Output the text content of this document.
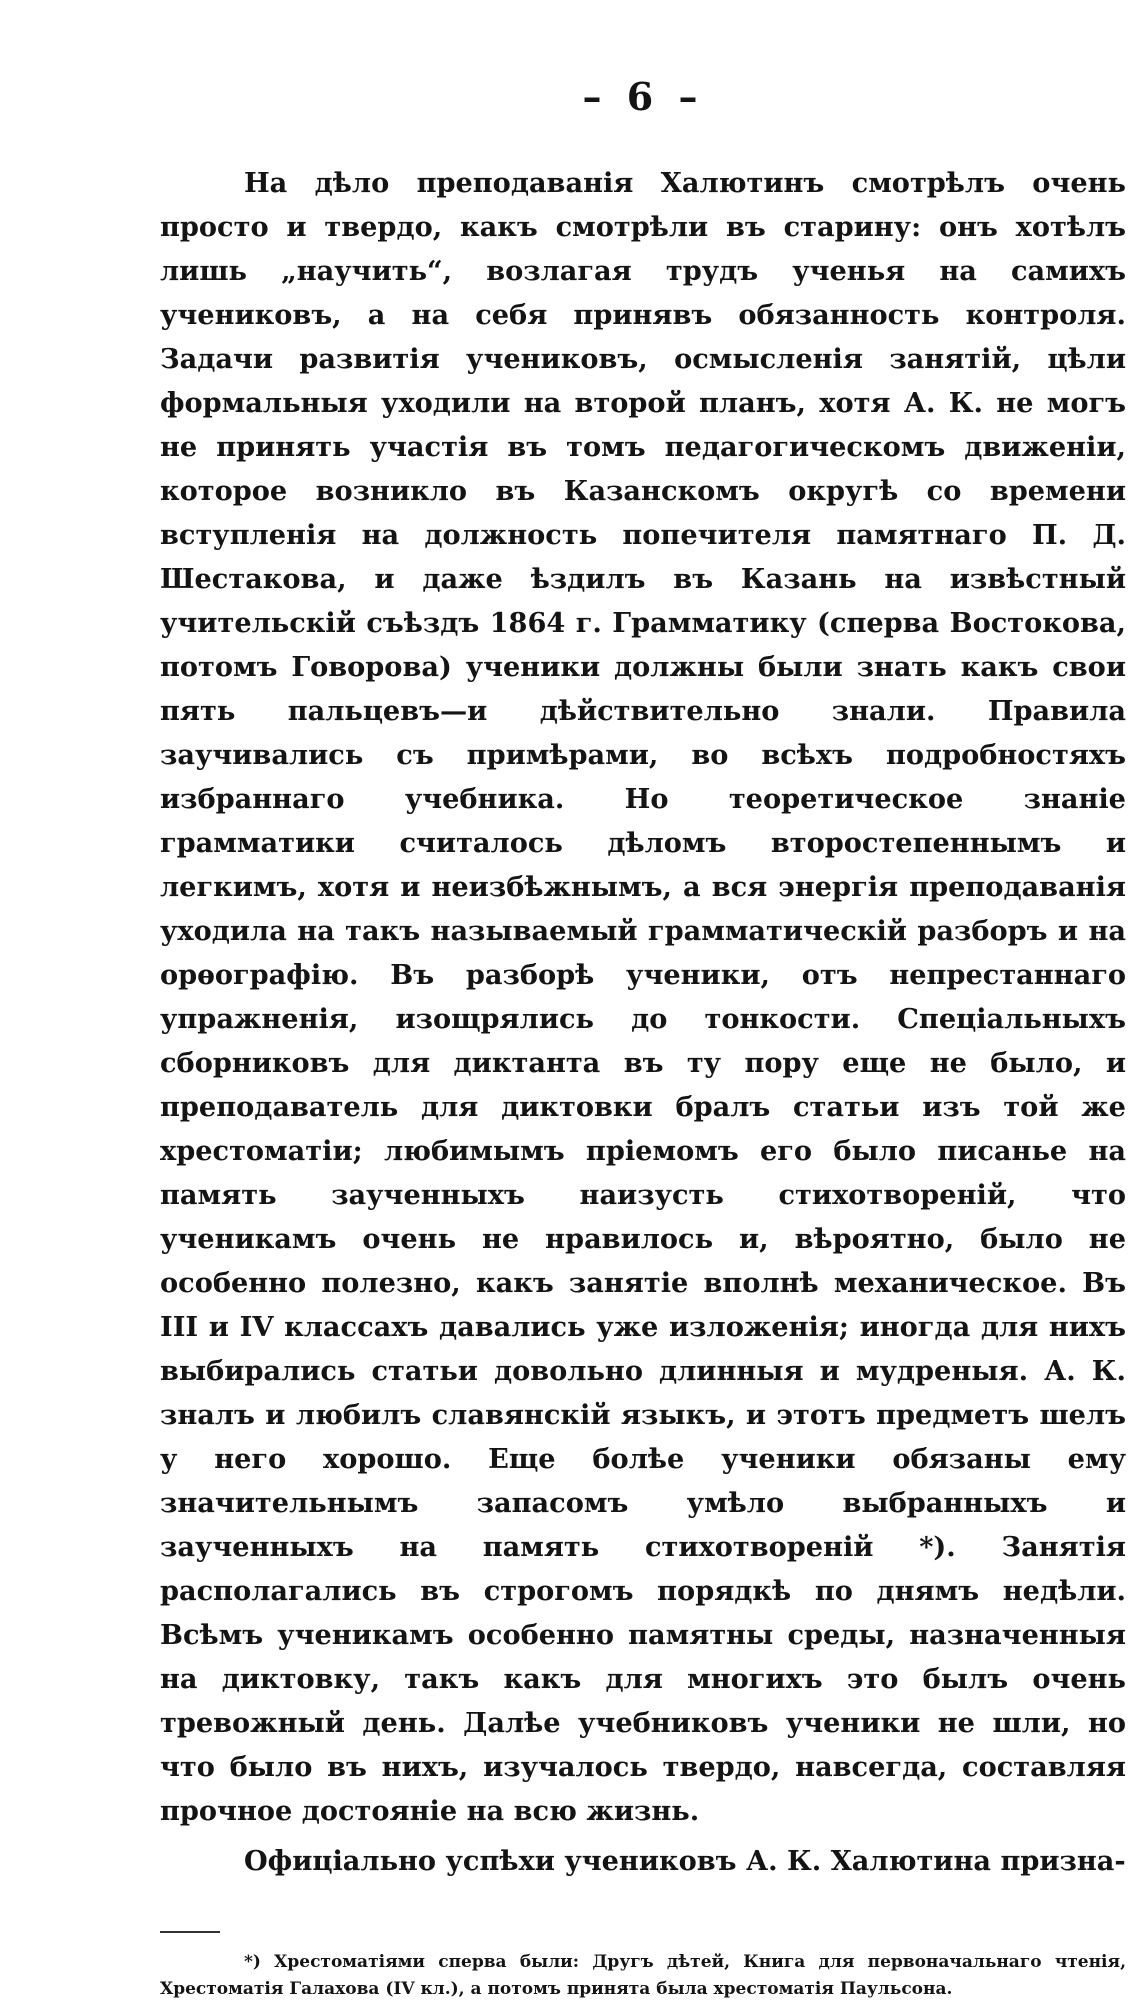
– 6 –

На дѣло преподаванія Халютинъ смотрѣлъ очень просто и твердо, какъ смотрѣли въ старину: онъ хотѣлъ лишь „научить“, возлагая трудъ ученья на самихъ учениковъ, а на себя принявъ обязанность контроля. Задачи развитія учениковъ, осмысленія занятій, цѣли формальныя уходили на второй планъ, хотя А. К. не могъ не принять участія въ томъ педагогическомъ движеніи, которое возникло въ Казанскомъ округѣ со времени вступленія на должность попечителя памятнаго П. Д. Шестакова, и даже ѣздилъ въ Казань на извѣстный учительскій съѣздъ 1864 г. Грамматику (сперва Востокова, потомъ Говорова) ученики должны были знать какъ свои пять пальцевъ—и дѣйствительно знали. Правила заучивались съ примѣрами, во всѣхъ подробностяхъ избраннаго учебника. Но теоретическое знаніе грамматики считалось дѣломъ второстепеннымъ и легкимъ, хотя и неизбѣжнымъ, а вся энергія преподаванія уходила на такъ называемый грамматическій разборъ и на орѳографію. Въ разборѣ ученики, отъ непрестаннаго упражненія, изощрялись до тонкости. Спеціальныхъ сборниковъ для диктанта въ ту пору еще не было, и преподаватель для диктовки бралъ статьи изъ той же хрестоматіи; любимымъ пріемомъ его было писанье на память заученныхъ наизусть стихотвореній, что ученикамъ очень не нравилось и, вѣроятно, было не особенно полезно, какъ занятіе вполнѣ механическое. Въ III и IV классахъ давались уже изложенія; иногда для нихъ выбирались статьи довольно длинныя и мудреныя. А. К. зналъ и любилъ славянскій языкъ, и этотъ предметъ шелъ у него хорошо. Еще болѣе ученики обязаны ему значительнымъ запасомъ умѣло выбранныхъ и заученныхъ на память стихотвореній *). Занятія располагались въ строгомъ порядкѣ по днямъ недѣли. Всѣмъ ученикамъ особенно памятны среды, назначенныя на диктовку, такъ какъ для многихъ это былъ очень тревожный день. Далѣе учебниковъ ученики не шли, но что было въ нихъ, изучалось твердо, навсегда, составляя прочное достояніе на всю жизнь.

Офиціально успѣхи учениковъ А. К. Халютина призна-

*) Хрестоматіями сперва были: Другъ дѣтей, Книга для первоначальнаго чтенія, Хрестоматія Галахова (IV кл.), а потомъ принята была хрестоматія Паульсона.
